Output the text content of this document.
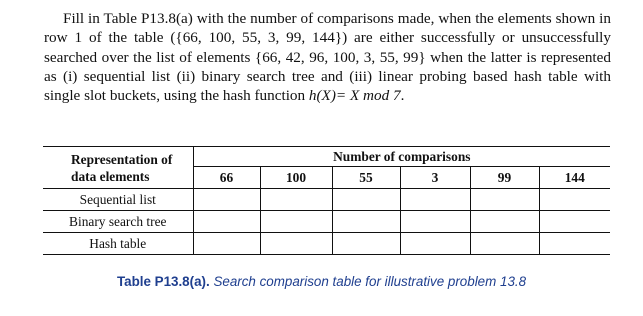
Fill in Table P13.8(a) with the number of comparisons made, when the elements shown in row 1 of the table ({66, 100, 55, 3, 99, 144}) are either successfully or unsuccessfully searched over the list of elements {66, 42, 96, 100, 3, 55, 99} when the latter is represented as (i) sequential list (ii) binary search tree and (iii) linear probing based hash table with single slot buckets, using the hash function h(X)= X mod 7.
Representation of data elements	Number of comparisons					
	66	100	55	3	99	144
Sequential list						
Binary search tree						
Hash table						
Table P13.8(a). Search comparison table for illustrative problem 13.8
